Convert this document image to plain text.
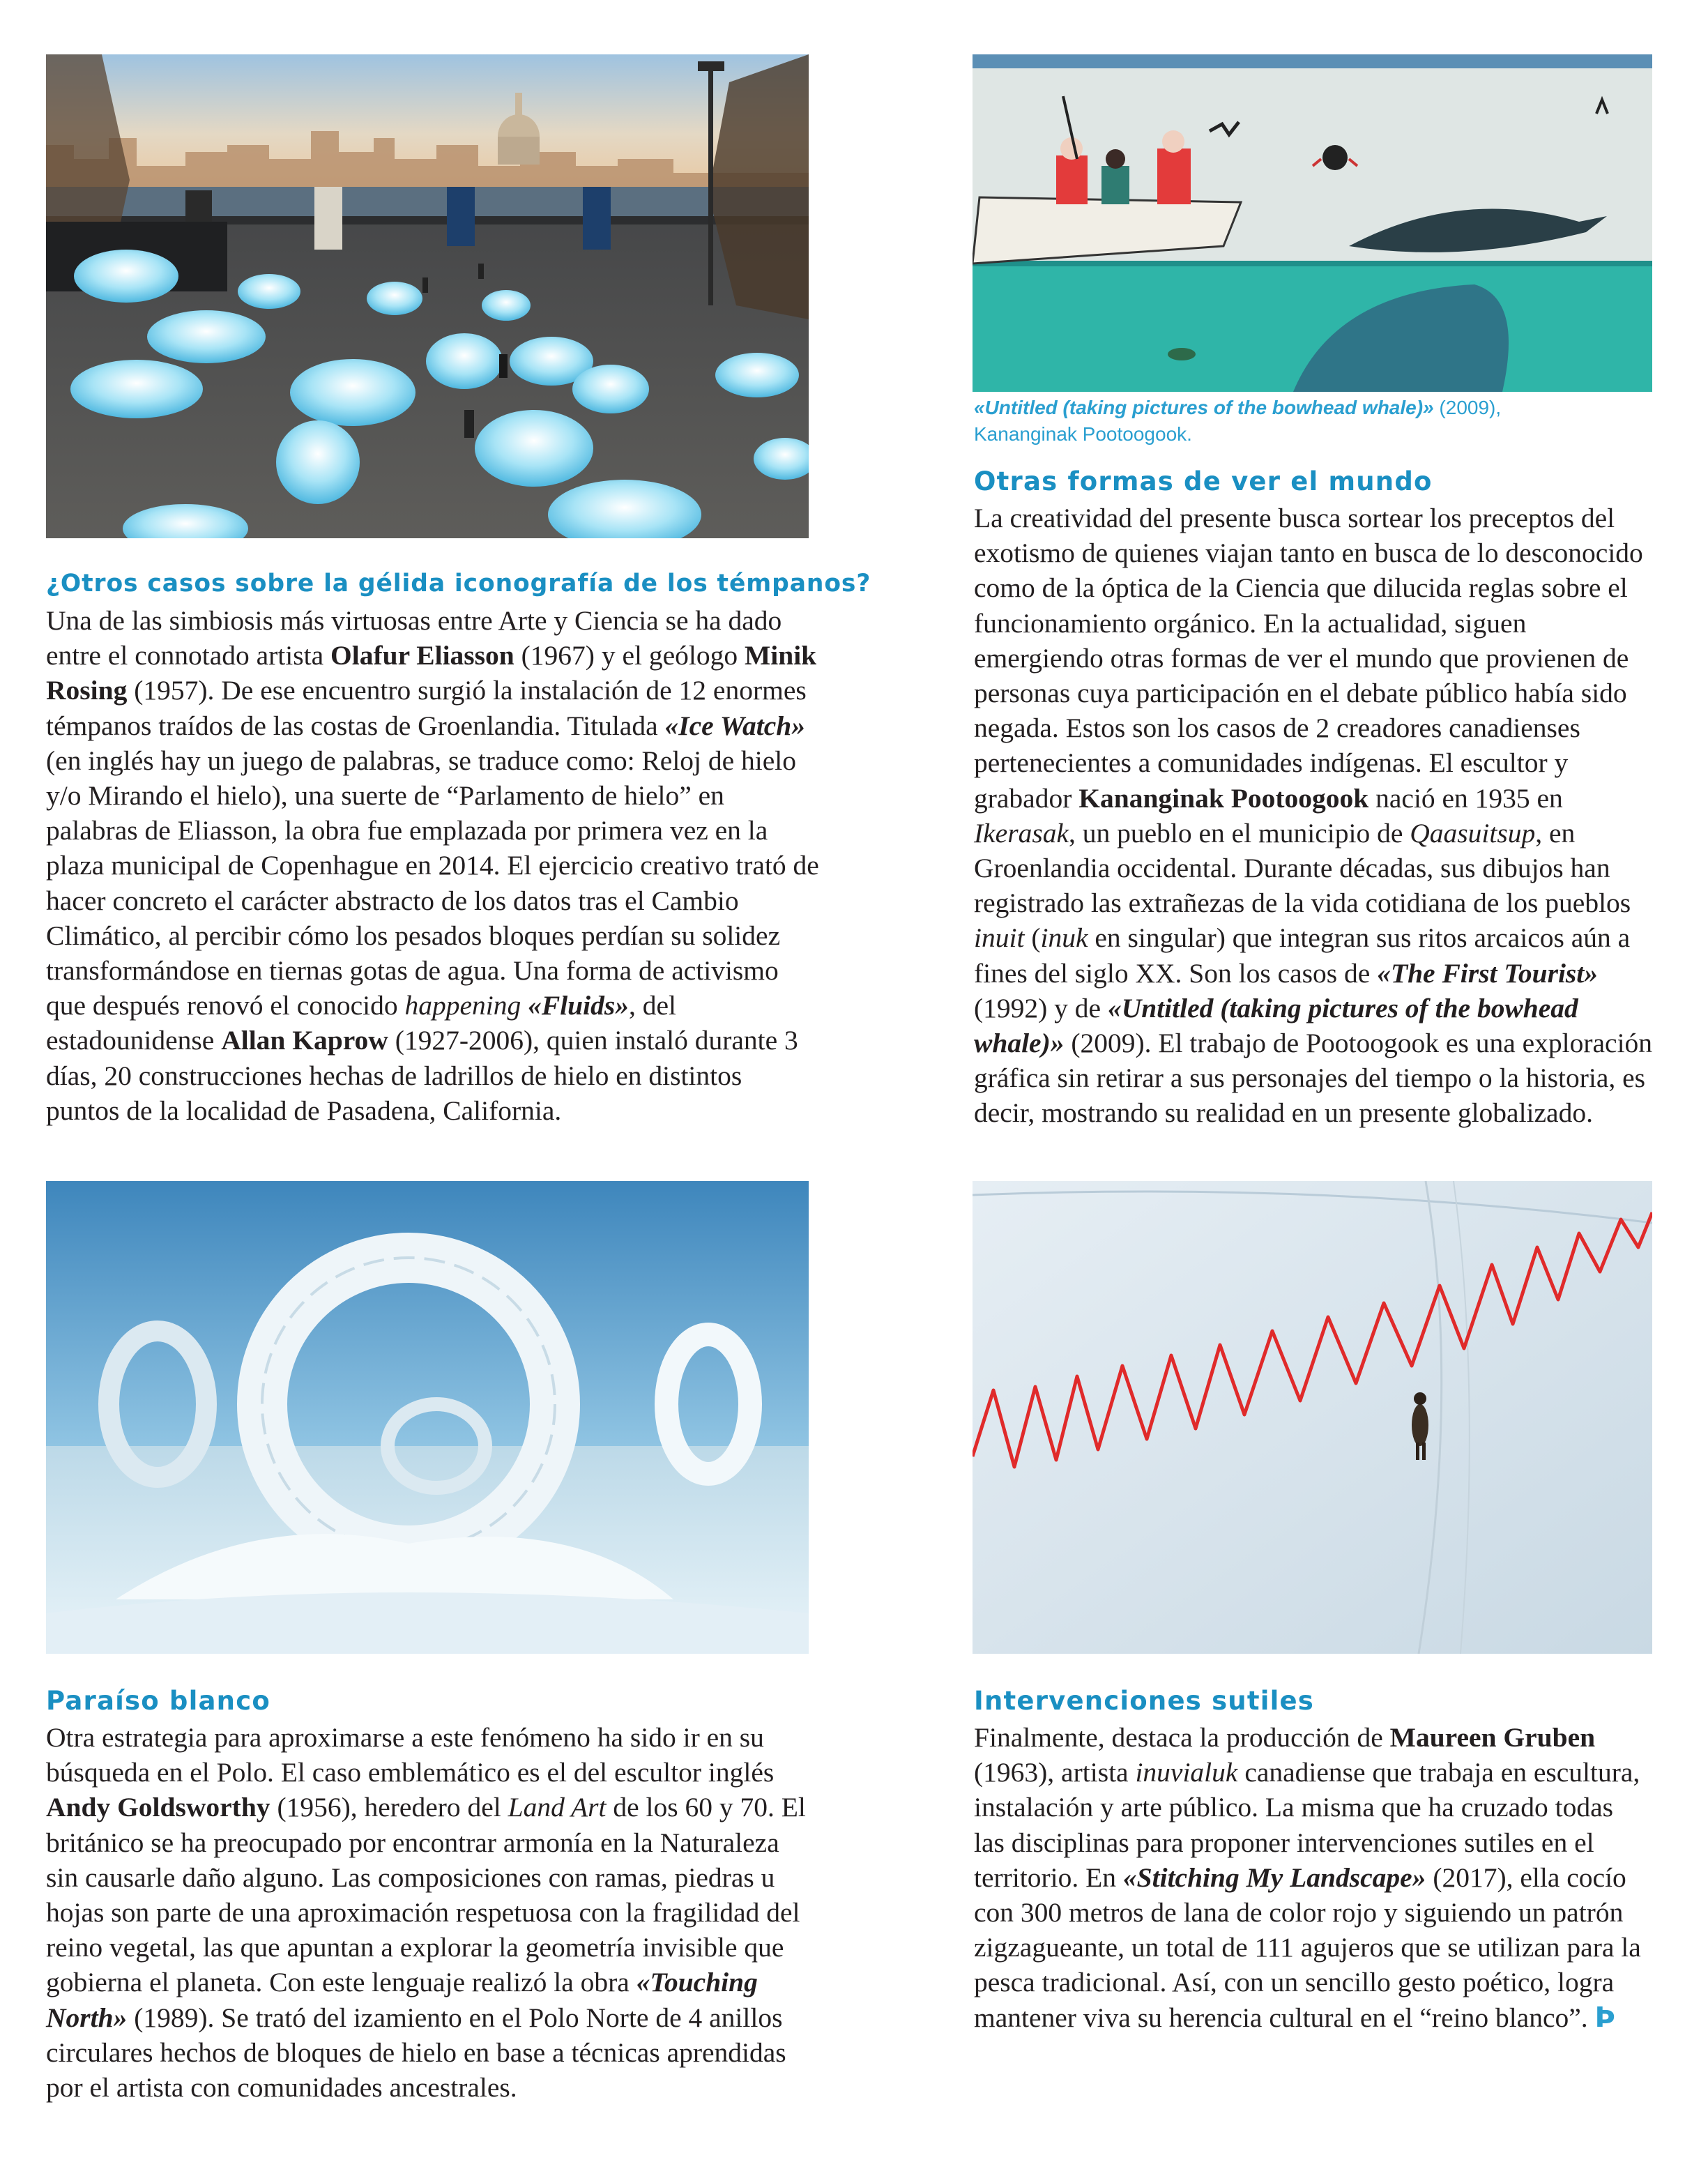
«Untitled (taking pictures of the bowhead whale)» (2009),
Kananginak Pootoogook.
¿Otros casos sobre la gélida iconografía de los témpanos?

Una de las simbiosis más virtuosas entre Arte y Ciencia se ha dado entre el connotado artista Olafur Eliasson (1967) y el geólogo Minik Rosing (1957). De ese encuentro surgió la instalación de 12 enormes témpanos traídos de las costas de Groenlandia. Titulada «Ice Watch» (en inglés hay un juego de palabras, se traduce como: Reloj de hielo y/o Mirando el hielo), una suerte de “Parlamento de hielo” en palabras de Eliasson, la obra fue emplazada por primera vez en la plaza municipal de Copenhague en 2014. El ejercicio creativo trató de hacer concreto el carácter abstracto de los datos tras el Cambio Climático, al percibir cómo los pesados bloques perdían su solidez transformándose en tiernas gotas de agua. Una forma de activismo que después renovó el conocido happening «Fluids», del estadounidense Allan Kaprow (1927-2006), quien instaló durante 3 días, 20 construcciones hechas de ladrillos de hielo en distintos puntos de la localidad de Pasadena, California.

Otras formas de ver el mundo

La creatividad del presente busca sortear los preceptos del exotismo de quienes viajan tanto en busca de lo desconocido como de la óptica de la Ciencia que dilucida reglas sobre el funcionamiento orgánico. En la actualidad, siguen emergiendo otras formas de ver el mundo que provienen de personas cuya participación en el debate público había sido negada. Estos son los casos de 2 creadores canadienses pertenecientes a comunidades indígenas. El escultor y grabador Kananginak Pootoogook nació en 1935 en Ikerasak, un pueblo en el municipio de Qaasuitsup, en Groenlandia occidental. Durante décadas, sus dibujos han registrado las extrañezas de la vida cotidiana de los pueblos inuit (inuk en singular) que integran sus ritos arcaicos aún a fines del siglo XX. Son los casos de «The First Tourist» (1992) y de «Untitled (taking pictures of the bowhead whale)» (2009). El trabajo de Pootoogook es una exploración gráfica sin retirar a sus personajes del tiempo o la historia, es decir, mostrando su realidad en un presente globalizado.

Paraíso blanco

Otra estrategia para aproximarse a este fenómeno ha sido ir en su búsqueda en el Polo. El caso emblemático es el del escultor inglés Andy Goldsworthy (1956), heredero del Land Art de los 60 y 70. El británico se ha preocupado por encontrar armonía en la Naturaleza sin causarle daño alguno. Las composiciones con ramas, piedras u hojas son parte de una aproximación respetuosa con la fragilidad del reino vegetal, las que apuntan a explorar la geometría invisible que gobierna el planeta. Con este lenguaje realizó la obra «Touching North» (1989). Se trató del izamiento en el Polo Norte de 4 anillos circulares hechos de bloques de hielo en base a técnicas aprendidas por el artista con comunidades ancestrales.

Intervenciones sutiles

Finalmente, destaca la producción de Maureen Gruben (1963), artista inuvialuk canadiense que trabaja en escultura, instalación y arte público. La misma que ha cruzado todas las disciplinas para proponer intervenciones sutiles en el territorio. En «Stitching My Landscape» (2017), ella cocío con 300 metros de lana de color rojo y siguiendo un patrón zigzagueante, un total de 111 agujeros que se utilizan para la pesca tradicional. Así, con un sencillo gesto poético, logra mantener viva su herencia cultural en el “reino blanco”. Ϸ
